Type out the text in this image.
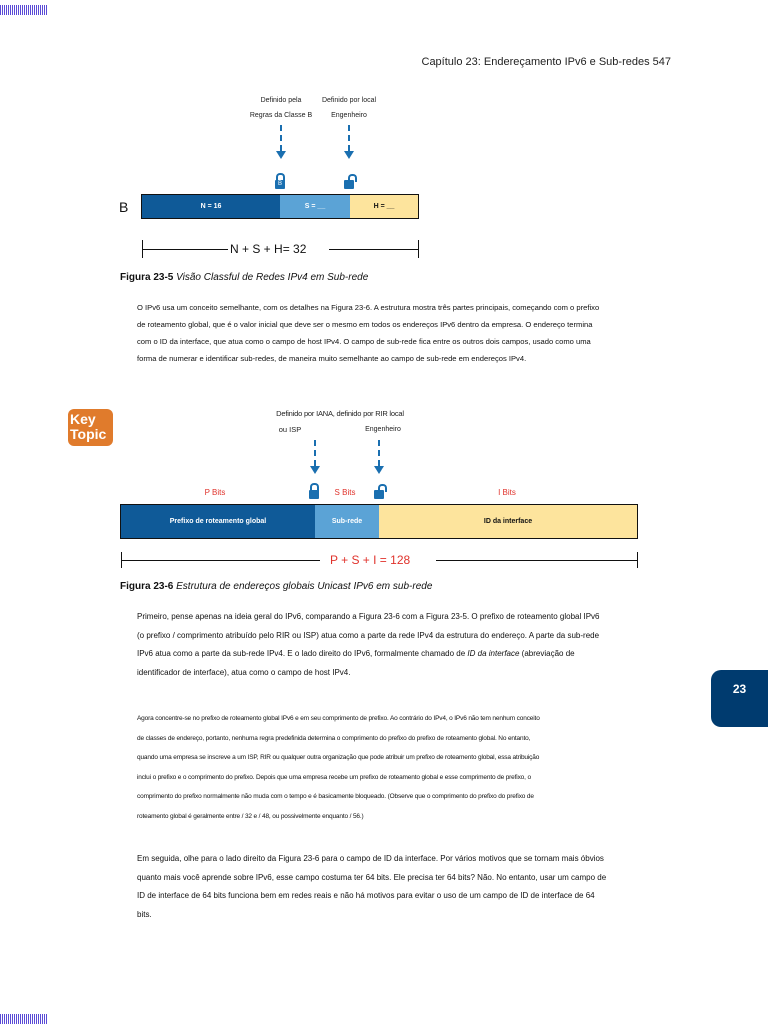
Capítulo 23: Endereçamento IPv6 e Sub-redes 547
Definido pela
Regras da Classe B
Definido por local
Engenheiro
B
B	N = 16	S = __	H = __
N + S + H= 32
Figura 23-5 Visão Classful de Redes IPv4 em Sub-rede
O IPv6 usa um conceito semelhante, com os detalhes na Figura 23-6. A estrutura mostra três partes principais, começando com o prefixo
de roteamento global, que é o valor inicial que deve ser o mesmo em todos os endereços IPv6 dentro da empresa. O endereço termina
com o ID da interface, que atua como o campo de host IPv4. O campo de sub-rede fica entre os outros dois campos, usado como uma
forma de numerar e identificar sub-redes, de maneira muito semelhante ao campo de sub-rede em endereços IPv4.
Key
Topic
Definido por IANA, definido por RIR local
ou ISP	Engenheiro
P Bits	S Bits	I Bits
Prefixo de roteamento global	Sub-rede	ID da interface
P + S + I = 128
Figura 23-6 Estrutura de endereços globais Unicast IPv6 em sub-rede
Primeiro, pense apenas na ideia geral do IPv6, comparando a Figura 23-6 com a Figura 23-5. O prefixo de roteamento global IPv6
(o prefixo / comprimento atribuído pelo RIR ou ISP) atua como a parte da rede IPv4 da estrutura do endereço. A parte da sub-rede
IPv6 atua como a parte da sub-rede IPv4. E o lado direito do IPv6, formalmente chamado de ID da interface (abreviação de
identificador de interface), atua como o campo de host IPv4.
23
Agora concentre-se no prefixo de roteamento global IPv6 e em seu comprimento de prefixo. Ao contrário do IPv4, o IPv6 não tem nenhum conceito
de classes de endereço, portanto, nenhuma regra predefinida determina o comprimento do prefixo do prefixo de roteamento global. No entanto,
quando uma empresa se inscreve a um ISP, RIR ou qualquer outra organização que pode atribuir um prefixo de roteamento global, essa atribuição
inclui o prefixo e o comprimento do prefixo. Depois que uma empresa recebe um prefixo de roteamento global e esse comprimento de prefixo, o
comprimento do prefixo normalmente não muda com o tempo e é basicamente bloqueado. (Observe que o comprimento do prefixo do prefixo de
roteamento global é geralmente entre / 32 e / 48, ou possivelmente enquanto / 56.)
Em seguida, olhe para o lado direito da Figura 23-6 para o campo de ID da interface. Por vários motivos que se tornam mais óbvios
quanto mais você aprende sobre IPv6, esse campo costuma ter 64 bits. Ele precisa ter 64 bits? Não. No entanto, usar um campo de
ID de interface de 64 bits funciona bem em redes reais e não há motivos para evitar o uso de um campo de ID de interface de 64
bits.
